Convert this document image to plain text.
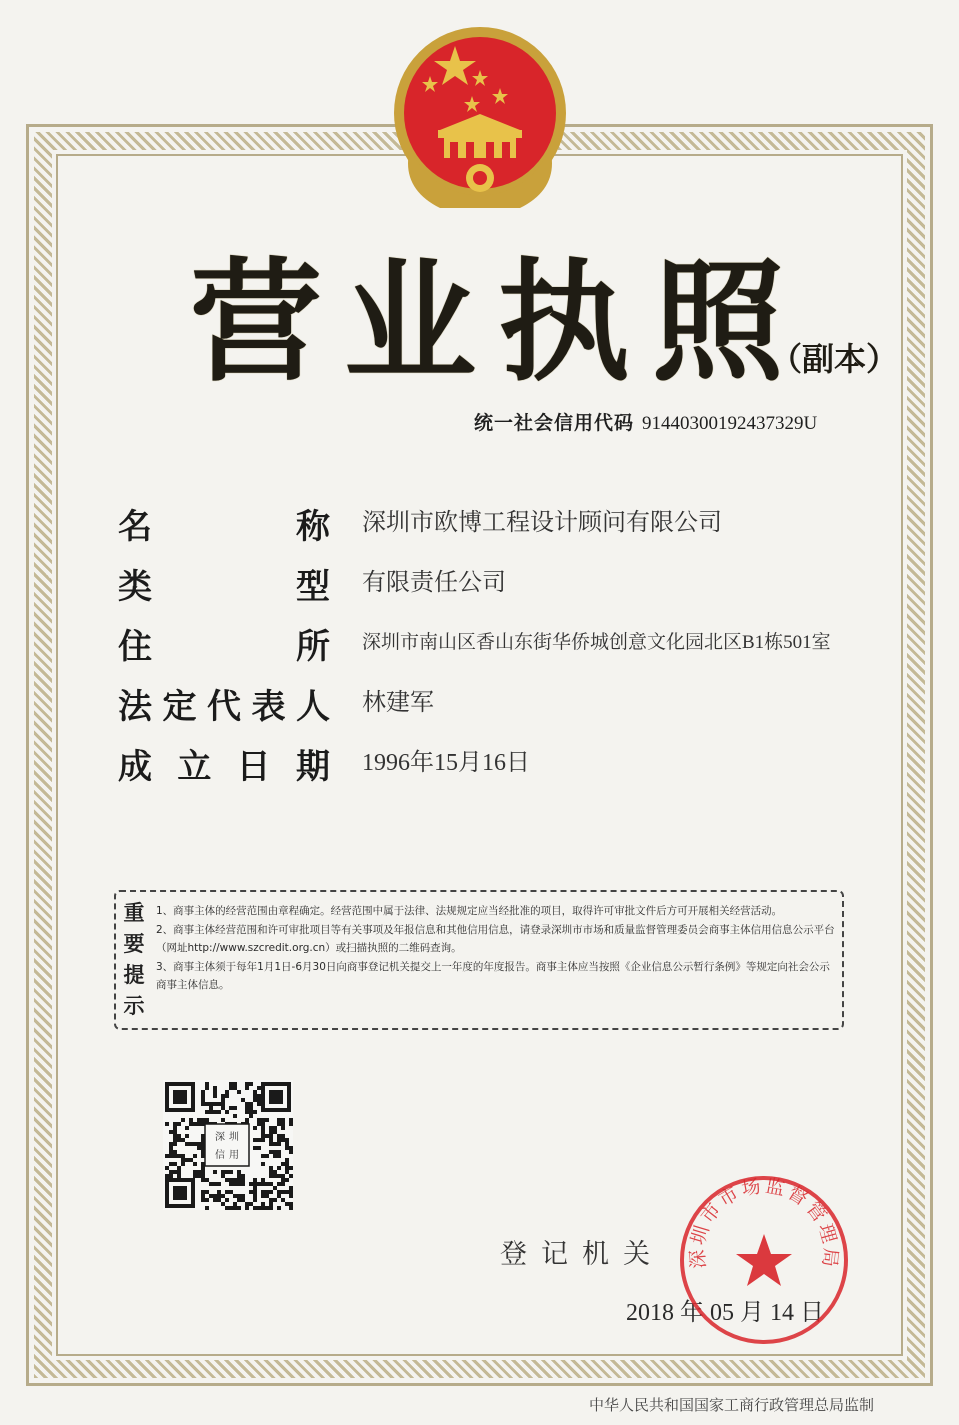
营业执照
（副本）
统一社会信用代码 91440300192437329U
名	称 深圳市欧博工程设计顾问有限公司
类	型 有限责任公司
住	所 深圳市南山区香山东街华侨城创意文化园北区B1栋501室
法 定 代 表 人 林建军
成 立 日 期 1996年15月16日
重
要
提
示

1、商事主体的经营范围由章程确定。经营范围中属于法律、法规规定应当经批准的项目，取得许可审批文件后方可开展相关经营活动。

2、商事主体经营范围和许可审批项目等有关事项及年报信息和其他信用信息，请登录深圳市市场和质量监督管理委员会商事主体信用信息公示平台（网址http://www.szcredit.org.cn）或扫描执照的二维码查询。

3、商事主体须于每年1月1日-6月30日向商事登记机关提交上一年度的年度报告。商事主体应当按照《企业信息公示暂行条例》等规定向社会公示商事主体信息。

深 圳
信 用
登记机关
2018 年 05 月 14 日
深圳市市场监督管理局
中华人民共和国国家工商行政管理总局监制
